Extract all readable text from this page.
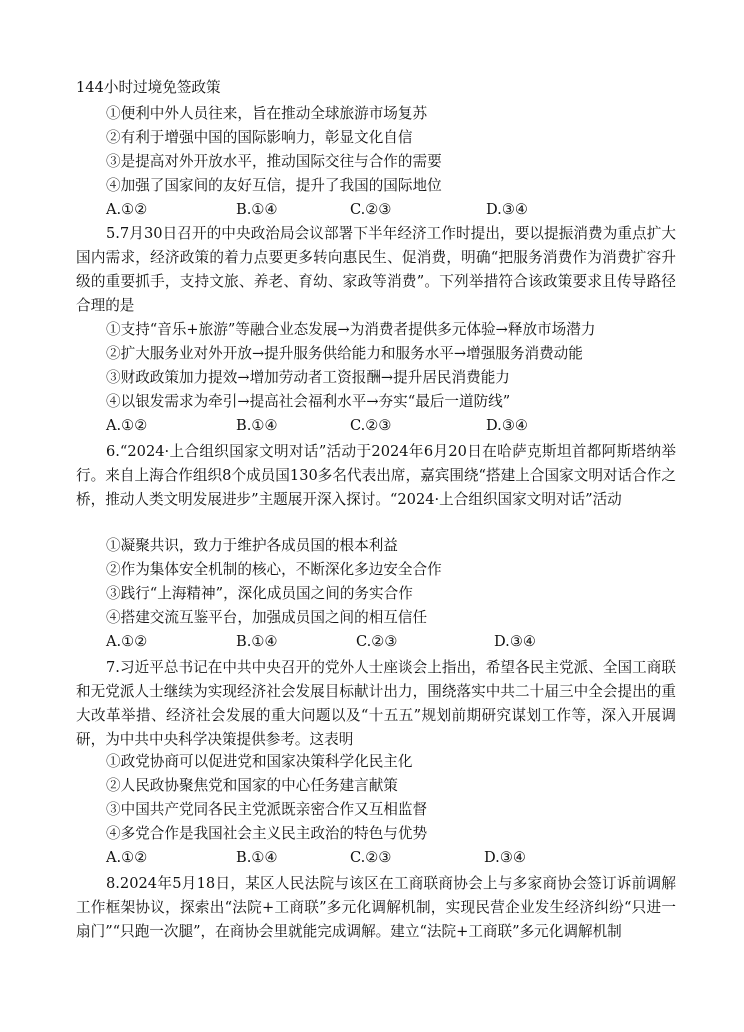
144小时过境免签政策
①便利中外人员往来，旨在推动全球旅游市场复苏
②有利于增强中国的国际影响力，彰显文化自信
③是提高对外开放水平，推动国际交往与合作的需要
④加强了国家间的友好互信，提升了我国的国际地位
A.①②	B.①④	C.②③	D.③④
5.7月30日召开的中央政治局会议部署下半年经济工作时提出，要以提振消费为重点扩大国内需求，经济政策的着力点要更多转向惠民生、促消费，明确“把服务消费作为消费扩容升级的重要抓手，支持文旅、养老、育幼、家政等消费”。下列举措符合该政策要求且传导路径合理的是
①支持“音乐+旅游”等融合业态发展→为消费者提供多元体验→释放市场潜力
②扩大服务业对外开放→提升服务供给能力和服务水平→增强服务消费动能
③财政政策加力提效→增加劳动者工资报酬→提升居民消费能力
④以银发需求为牵引→提高社会福利水平→夯实“最后一道防线”
A.①②	B.①④	C.②③	D.③④
6.“2024·上合组织国家文明对话”活动于2024年6月20日在哈萨克斯坦首都阿斯塔纳举行。来自上海合作组织8个成员国130多名代表出席，嘉宾围绕“搭建上合国家文明对话合作之桥，推动人类文明发展进步”主题展开深入探讨。“2024·上合组织国家文明对话”活动
①凝聚共识，致力于维护各成员国的根本利益
②作为集体安全机制的核心，不断深化多边安全合作
③践行“上海精神”，深化成员国之间的务实合作
④搭建交流互鉴平台，加强成员国之间的相互信任
A.①②	B.①④	C.②③	D.③④
7.习近平总书记在中共中央召开的党外人士座谈会上指出，希望各民主党派、全国工商联和无党派人士继续为实现经济社会发展目标献计出力，围绕落实中共二十届三中全会提出的重大改革举措、经济社会发展的重大问题以及“十五五”规划前期研究谋划工作等，深入开展调研，为中共中央科学决策提供参考。这表明
①政党协商可以促进党和国家决策科学化民主化
②人民政协聚焦党和国家的中心任务建言献策
③中国共产党同各民主党派既亲密合作又互相监督
④多党合作是我国社会主义民主政治的特色与优势
A.①②	B.①④	C.②③	D.③④
8.2024年5月18日，某区人民法院与该区在工商联商协会上与多家商协会签订诉前调解工作框架协议，探索出“法院+工商联”多元化调解机制，实现民营企业发生经济纠纷“只进一扇门”“只跑一次腿”，在商协会里就能完成调解。建立“法院+工商联”多元化调解机制
